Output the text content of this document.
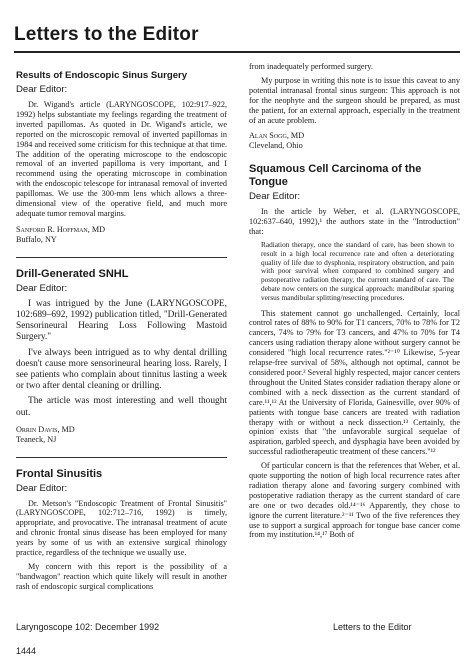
Letters to the Editor
Results of Endoscopic Sinus Surgery
Dear Editor:

Dr. Wigand's article (LARYNGOSCOPE, 102:917–922, 1992) helps substantiate my feelings regarding the treatment of inverted papillomas. As quoted in Dr. Wigand's article, we reported on the microscopic removal of inverted papillomas in 1984 and received some criticism for this technique at that time. The addition of the operating microscope to the endoscopic removal of an inverted papilloma is very important, and I recommend using the operating microscope in combination with the endoscopic telescope for intranasal removal of inverted papillomas. We use the 300-mm lens which allows a three-dimensional view of the operative field, and much more adequate tumor removal margins.

Sanford R. Hoffman, MD
Buffalo, NY
Drill-Generated SNHL
Dear Editor:

I was intrigued by the June (LARYNGOSCOPE, 102:689–692, 1992) publication titled, "Drill-Generated Sensorineural Hearing Loss Following Mastoid Surgery."

I've always been intrigued as to why dental drilling doesn't cause more sensorineural hearing loss. Rarely, I see patients who complain about tinnitus lasting a week or two after dental cleaning or drilling.

The article was most interesting and well thought out.

Orrin Davis, MD
Teaneck, NJ
Frontal Sinusitis
Dear Editor:

Dr. Metson's "Endoscopic Treatment of Frontal Sinusitis" (LARYNGOSCOPE, 102:712–716, 1992) is timely, appropriate, and provocative. The intranasal treatment of acute and chronic frontal sinus disease has been employed for many years by some of us with an extensive surgical rhinology practice, regardless of the technique we usually use.

My concern with this report is the possibility of a "bandwagon" reaction which quite likely will result in another rash of endoscopic surgical complications

from inadequately performed surgery.

My purpose in writing this note is to issue this caveat to any potential intranasal frontal sinus surgeon: This approach is not for the neophyte and the surgeon should be prepared, as must the patient, for an external approach, especially in the treatment of an acute problem.

Alan Sogg, MD
Cleveland, Ohio
Squamous Cell Carcinoma of the Tongue
Dear Editor:

In the article by Weber, et al. (LARYNGOSCOPE, 102:637–640, 1992),¹ the authors state in the "Introduction" that:

Radiation therapy, once the standard of care, has been shown to result in a high local recurrence rate and often a deteriorating quality of life due to dysphonia, respiratory obstruction, and pain with poor survival when compared to combined surgery and postoperative radiation therapy, the current standard of care. The debate now centers on the surgical approach: mandibular sparing versus mandibular splitting/resecting procedures.

This statement cannot go unchallenged. Certainly, local control rates of 88% to 90% for T1 cancers, 70% to 78% for T2 cancers, 74% to 79% for T3 cancers, and 47% to 70% for T4 cancers using radiation therapy alone without surgery cannot be considered "high local recurrence rates."²⁻¹⁰ Likewise, 5-year relapse-free survival of 58%, although not optimal, cannot be considered poor.² Several highly respected, major cancer centers throughout the United States consider radiation therapy alone or combined with a neck dissection as the current standard of care.¹¹,¹² At the University of Florida, Gainesville, over 90% of patients with tongue base cancers are treated with radiation therapy with or without a neck dissection.¹³ Certainly, the opinion exists that "the unfavorable surgical sequelae of aspiration, garbled speech, and dysphagia have been avoided by successful radiotherapeutic treatment of these cancers."¹²

Of particular concern is that the references that Weber, et al. quote supporting the notion of high local recurrence rates after radiation therapy alone and favoring surgery combined with postoperative radiation therapy as the current standard of care are one or two decades old.¹⁴⁻¹⁶ Apparently, they chose to ignore the current literature.²⁻¹¹ Two of the five references they use to support a surgical approach for tongue base cancer come from my institution.¹⁴,¹⁷ Both of

Laryngoscope 102: December 1992	Letters to the Editor
1444
